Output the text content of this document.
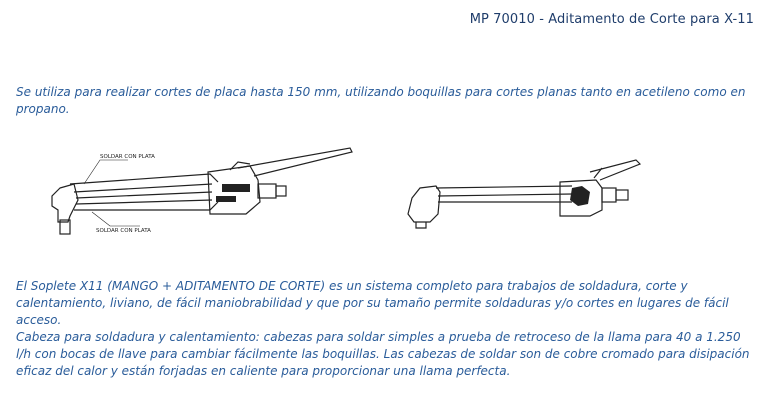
MP 70010 - Aditamento de Corte para X-11

Se utiliza para realizar cortes de placa hasta 150 mm, utilizando boquillas para cortes planas tanto en acetileno como en propano.

SOLDAR CON PLATA
SOLDAR CON PLATA

El Soplete X11 (MANGO + ADITAMENTO DE CORTE) es un sistema completo para trabajos de soldadura, corte y calentamiento, liviano, de fácil maniobrabilidad y que por su tamaño permite soldaduras y/o cortes en lugares de fácil acceso.
Cabeza para soldadura y calentamiento: cabezas para soldar simples a prueba de retroceso de la llama para 40 a 1.250 l/h con bocas de llave para cambiar fácilmente las boquillas. Las cabezas de soldar son de cobre cromado para disipación eficaz del calor y están forjadas en caliente para proporcionar una llama perfecta.
